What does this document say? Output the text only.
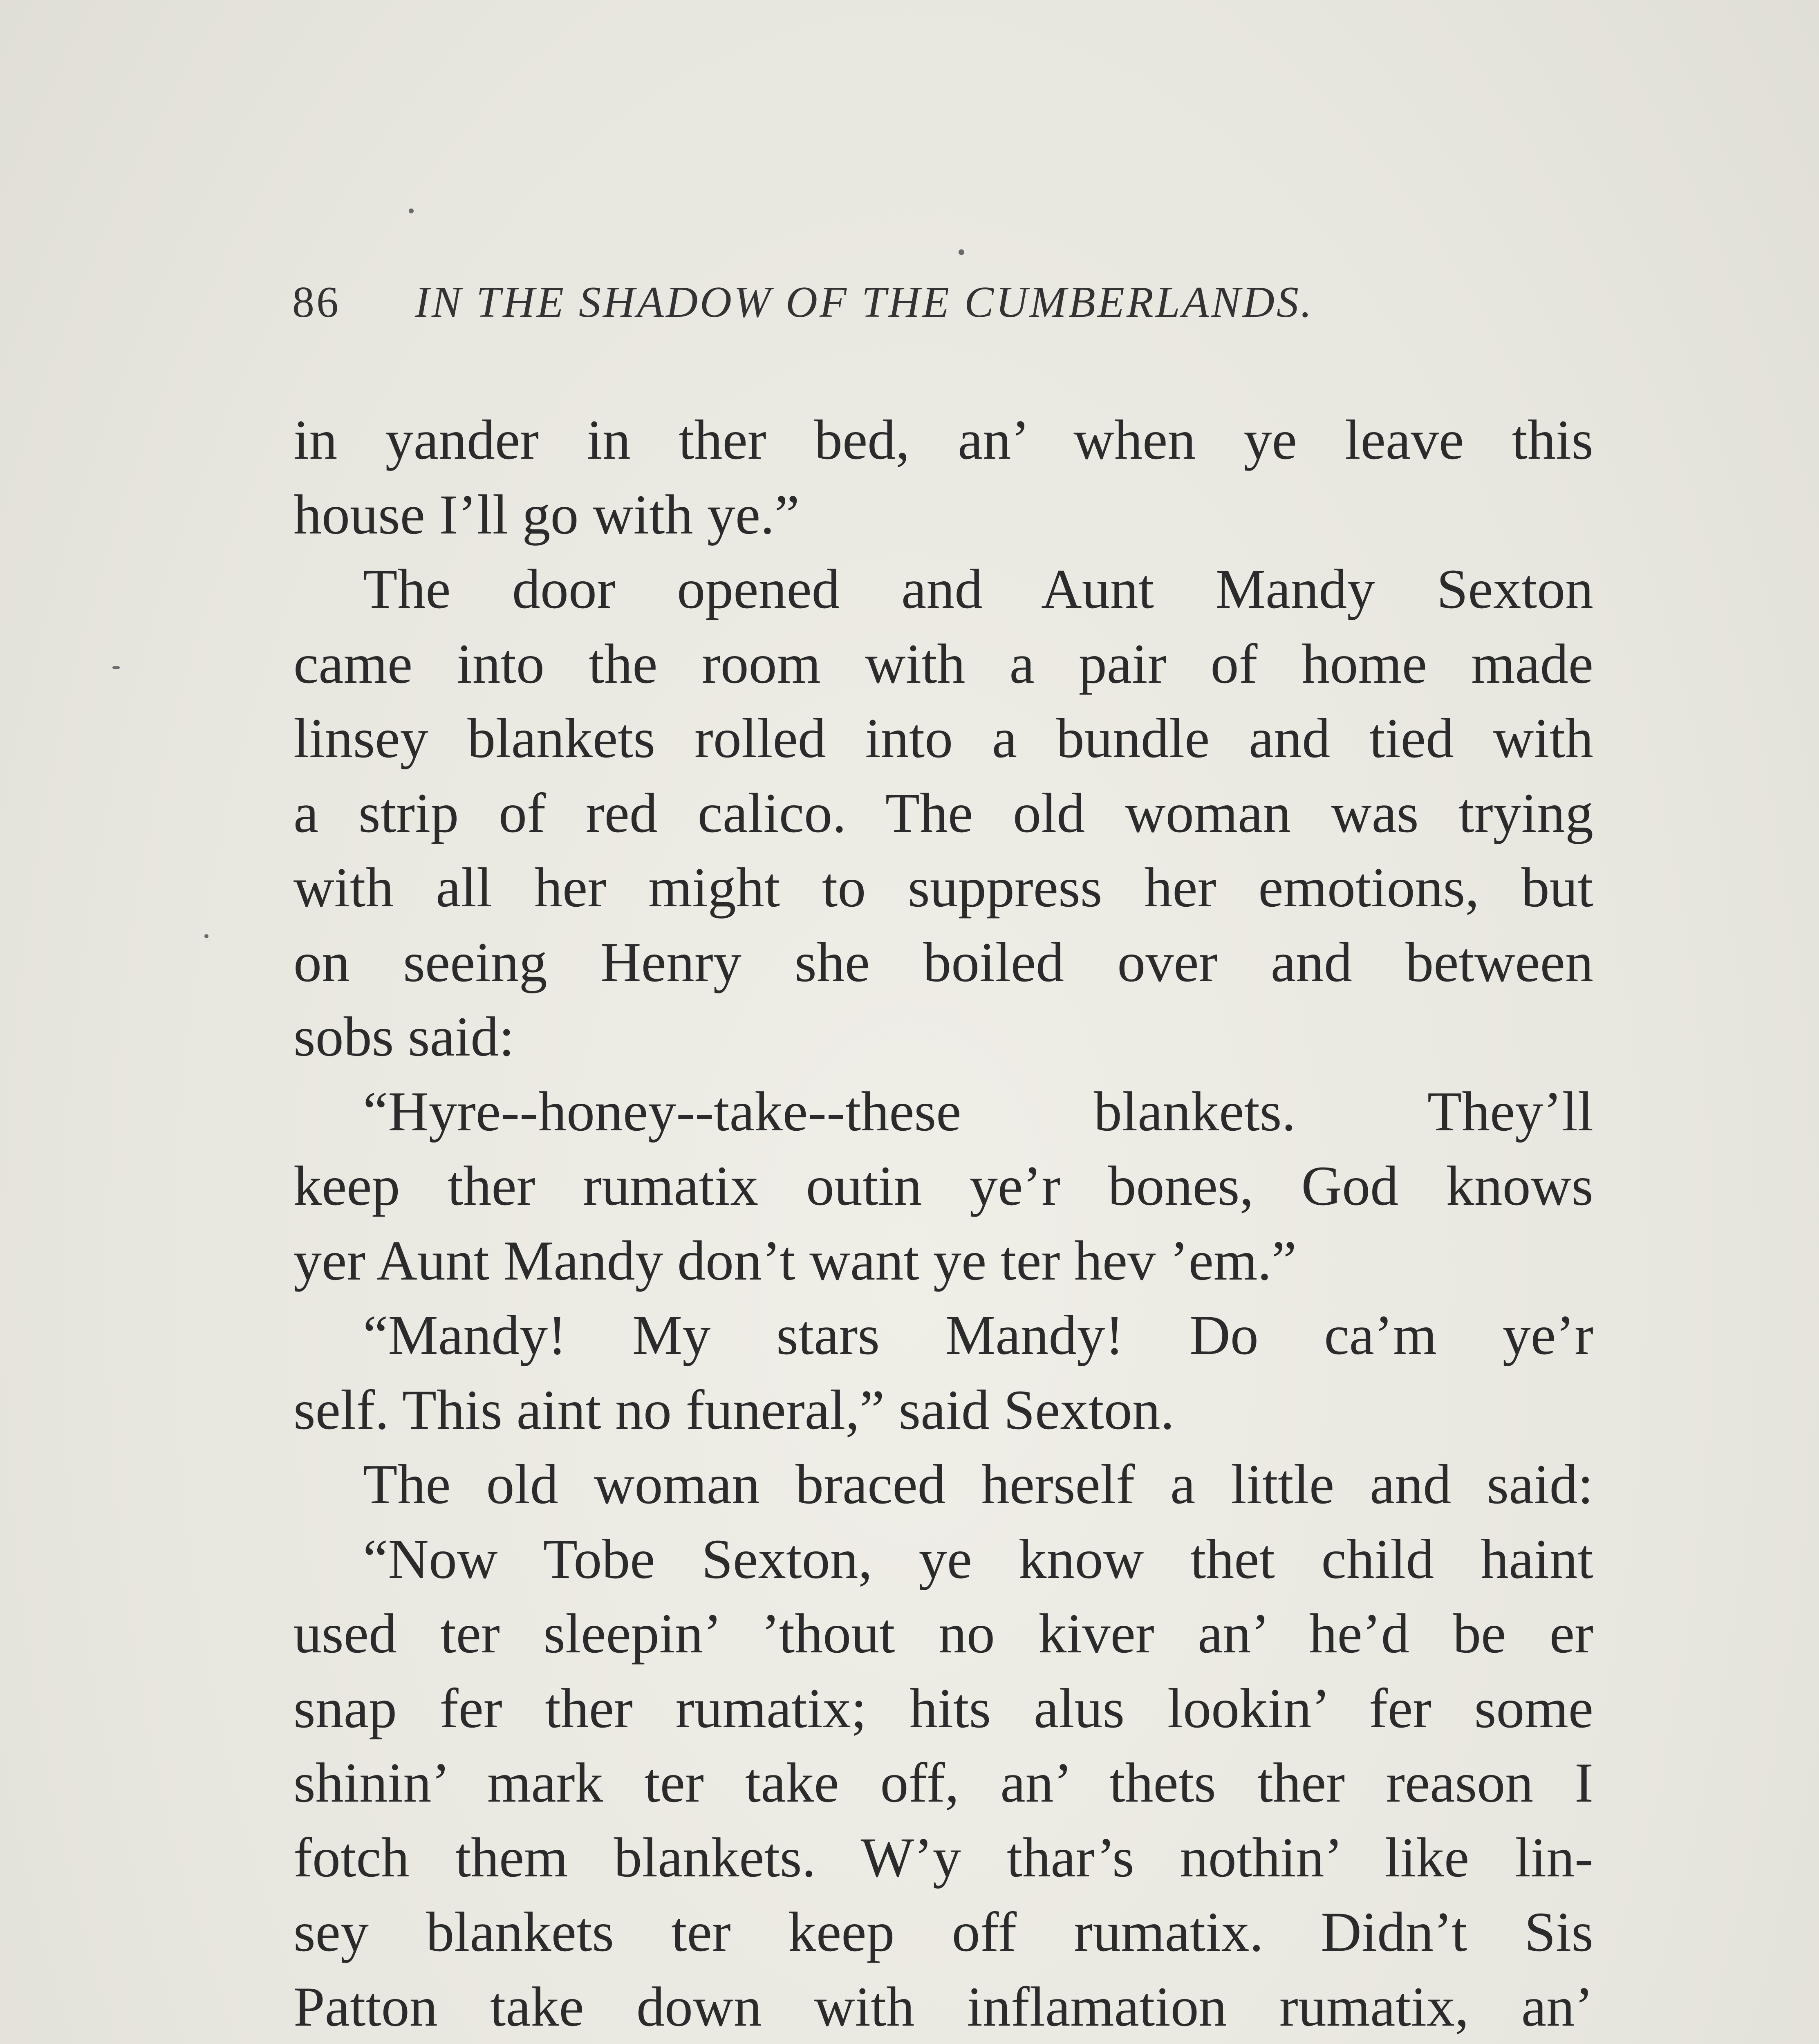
86 IN THE SHADOW OF THE CUMBERLANDS.
in yander in ther bed, an’ when ye leave this
house I’ll go with ye.”
The door opened and Aunt Mandy Sexton
came into the room with a pair of home made
linsey blankets rolled into a bundle and tied with
a strip of red calico. The old woman was trying
with all her might to suppress her emotions, but
on seeing Henry she boiled over and between
sobs said:
“Hyre--honey--take--these blankets. They’ll
keep ther rumatix outin ye’r bones, God knows
yer Aunt Mandy don’t want ye ter hev ’em.”
“Mandy! My stars Mandy! Do ca’m ye’r
self. This aint no funeral,” said Sexton.
The old woman braced herself a little and said:
“Now Tobe Sexton, ye know thet child haint
used ter sleepin’ ’thout no kiver an’ he’d be er
snap fer ther rumatix; hits alus lookin’ fer some
shinin’ mark ter take off, an’ thets ther reason I
fotch them blankets. W’y thar’s nothin’ like lin-
sey blankets ter keep off rumatix. Didn’t Sis
Patton take down with inflamation rumatix, an’
